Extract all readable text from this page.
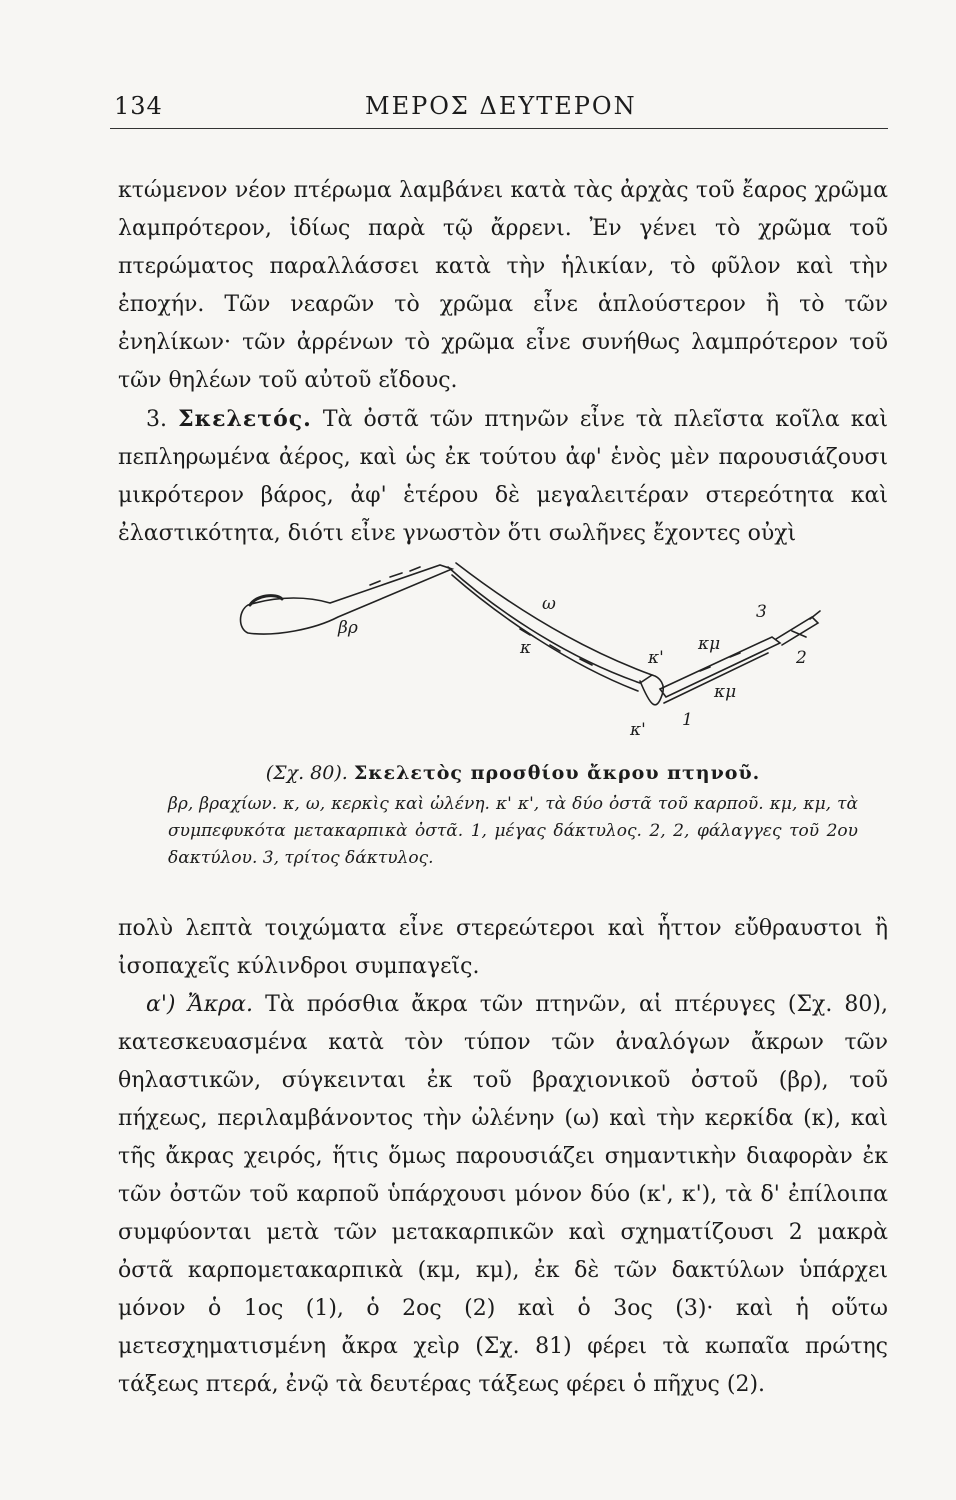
134	ΜΕΡΟΣ ΔΕΥΤΕΡΟΝ

κτώμενον νέον πτέρωμα λαμβάνει κατὰ τὰς ἀρχὰς τοῦ ἔαρος χρῶμα λαμπρότερον, ἰδίως παρὰ τῷ ἄρρενι. Ἐν γένει τὸ χρῶμα τοῦ πτερώματος παραλλάσσει κατὰ τὴν ἡλικίαν, τὸ φῦλον καὶ τὴν ἐποχήν. Τῶν νεαρῶν τὸ χρῶμα εἶνε ἁπλούστερον ἢ τὸ τῶν ἐνηλίκων· τῶν ἀρρένων τὸ χρῶμα εἶνε συνήθως λαμπρότερον τοῦ τῶν θηλέων τοῦ αὐτοῦ εἴδους.

3. Σκελετός. Τὰ ὀστᾶ τῶν πτηνῶν εἶνε τὰ πλεῖστα κοῖλα καὶ πεπληρωμένα ἀέρος, καὶ ὡς ἐκ τούτου ἀφ' ἑνὸς μὲν παρουσιάζουσι μικρότερον βάρος, ἀφ' ἑτέρου δὲ μεγαλειτέραν στερεότητα καὶ ἐλαστικότητα, διότι εἶνε γνωστὸν ὅτι σωλῆνες ἔχοντες οὐχὶ

βρ
ω
κ	κ'
κ'
κμ
κμ
1
2
3
(Σχ. 80). Σκελετὸς προσθίου ἄκρου πτηνοῦ.
βρ, βραχίων. κ, ω, κερκὶς καὶ ὠλένη. κ' κ', τὰ δύο ὀστᾶ τοῦ καρποῦ. κμ, κμ, τὰ συμπεφυκότα μετακαρπικὰ ὀστᾶ. 1, μέγας δάκτυλος. 2, 2, φάλαγγες τοῦ 2ου δακτύλου. 3, τρίτος δάκτυλος.

πολὺ λεπτὰ τοιχώματα εἶνε στερεώτεροι καὶ ἧττον εὔθραυστοι ἢ ἰσοπαχεῖς κύλινδροι συμπαγεῖς.

α') Ἄκρα. Τὰ πρόσθια ἄκρα τῶν πτηνῶν, αἱ πτέρυγες (Σχ. 80), κατεσκευασμένα κατὰ τὸν τύπον τῶν ἀναλόγων ἄκρων τῶν θηλαστικῶν, σύγκεινται ἐκ τοῦ βραχιονικοῦ ὀστοῦ (βρ), τοῦ πήχεως, περιλαμβάνοντος τὴν ὠλένην (ω) καὶ τὴν κερκίδα (κ), καὶ τῆς ἄκρας χειρός, ἥτις ὅμως παρουσιάζει σημαντικὴν διαφορὰν ἐκ τῶν ὀστῶν τοῦ καρποῦ ὑπάρχουσι μόνον δύο (κ', κ'), τὰ δ' ἐπίλοιπα συμφύονται μετὰ τῶν μετακαρπικῶν καὶ σχηματίζουσι 2 μακρὰ ὀστᾶ καρπομετακαρπικὰ (κμ, κμ), ἐκ δὲ τῶν δακτύλων ὑπάρχει μόνον ὁ 1ος (1), ὁ 2ος (2) καὶ ὁ 3ος (3)· καὶ ἡ οὕτω μετεσχηματισμένη ἄκρα χεὶρ (Σχ. 81) φέρει τὰ κωπαῖα πρώτης τάξεως πτερά, ἐνῷ τὰ δευτέρας τάξεως φέρει ὁ πῆχυς (2).
